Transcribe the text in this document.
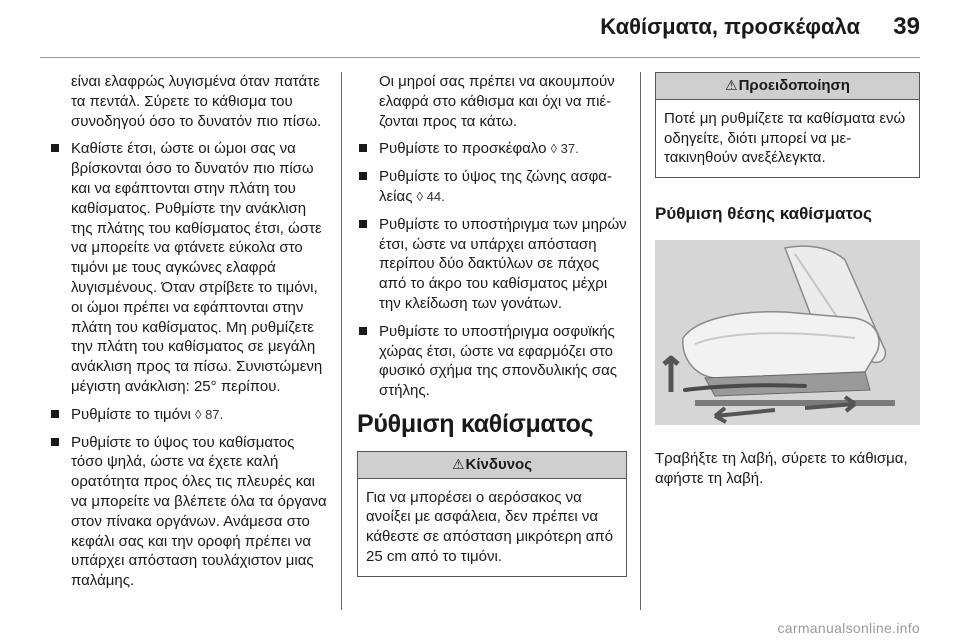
Καθίσματα, προσκέφαλα 39

είναι ελαφρώς λυγισμένα όταν πατάτε τα πεντάλ. Σύρετε το κάθισμα του συνοδηγού όσο το δυνατόν πιο πίσω.

Καθίστε έτσι, ώστε οι ώμοι σας να βρίσκονται όσο το δυνατόν πιο πίσω και να εφάπτονται στην πλάτη του καθίσματος. Ρυθμίστε την ανάκλιση της πλάτης του καθίσματος έτσι, ώστε να μπορείτε να φτάνετε εύκολα στο τιμόνι με τους αγκώνες ελαφρά λυγισμένους. Όταν στρίβετε το τιμόνι, οι ώμοι πρέπει να εφάπτονται στην πλάτη του καθίσματος. Μη ρυθμίζετε την πλάτη του καθίσματος σε μεγάλη ανάκλιση προς τα πίσω. Συνιστώμενη μέγιστη ανάκλιση: 25° περίπου.
Ρυθμίστε το τιμόνι ◊ 87.
Ρυθμίστε το ύψος του καθίσματος τόσο ψηλά, ώστε να έχετε καλή ορατότητα προς όλες τις πλευρές και να μπορείτε να βλέπετε όλα τα όργανα στον πίνακα οργάνων. Ανάμεσα στο κεφάλι σας και την οροφή πρέπει να υπάρχει απόσταση τουλάχιστον μιας παλάμης.

Οι μηροί σας πρέπει να ακουμπούν ελαφρά στο κάθισμα και όχι να πιέζονται προς τα κάτω.

Ρυθμίστε το προσκέφαλο ◊ 37.
Ρυθμίστε το ύψος της ζώνης ασφαλείας ◊ 44.
Ρυθμίστε το υποστήριγμα των μηρών έτσι, ώστε να υπάρχει απόσταση περίπου δύο δακτύλων σε πάχος από το άκρο του καθίσματος μέχρι την κλείδωση των γονάτων.
Ρυθμίστε το υποστήριγμα οσφυϊκής χώρας έτσι, ώστε να εφαρμόζει στο φυσικό σχήμα της σπονδυλικής σας στήλης.
Ρύθμιση καθίσματος
⚠Κίνδυνος
Για να μπορέσει ο αερόσακος να ανοίξει με ασφάλεια, δεν πρέπει να κάθεστε σε απόσταση μικρότερη από 25 cm από το τιμόνι.
⚠Προειδοποίηση
Ποτέ μη ρυθμίζετε τα καθίσματα ενώ οδηγείτε, διότι μπορεί να μετακινηθούν ανεξέλεγκτα.
Ρύθμιση θέσης καθίσματος

Τραβήξτε τη λαβή, σύρετε το κάθισμα, αφήστε τη λαβή.

carmanualsonline.info
